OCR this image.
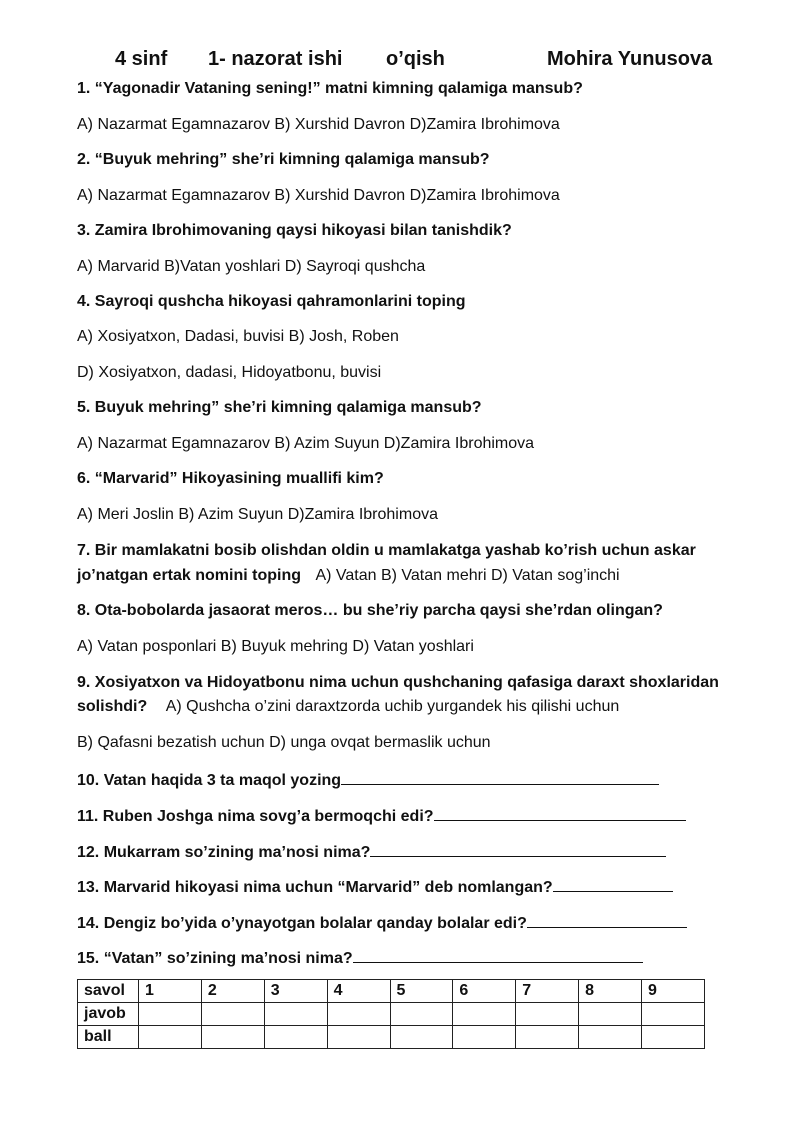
4 sinf 1- nazorat ishi o’qish	Mohira Yunusova
1. “Yagonadir Vataning sening!” matni kimning qalamiga mansub?
A) Nazarmat Egamnazarov B) Xurshid Davron D)Zamira Ibrohimova
2. “Buyuk mehring” she’ri kimning qalamiga mansub?
A) Nazarmat Egamnazarov B) Xurshid Davron D)Zamira Ibrohimova
3. Zamira Ibrohimovaning qaysi hikoyasi bilan tanishdik?
A) Marvarid B)Vatan yoshlari D) Sayroqi qushcha
4. Sayroqi qushcha hikoyasi qahramonlarini toping
A) Xosiyatxon, Dadasi, buvisi B) Josh, Roben
D) Xosiyatxon, dadasi, Hidoyatbonu, buvisi
5. Buyuk mehring” she’ri kimning qalamiga mansub?
A) Nazarmat Egamnazarov B) Azim Suyun D)Zamira Ibrohimova
6. “Marvarid” Hikoyasining muallifi kim?
A) Meri Joslin B) Azim Suyun D)Zamira Ibrohimova
7. Bir mamlakatni bosib olishdan oldin u mamlakatga yashab ko’rish uchun askar
jo’natgan ertak nomini toping A) Vatan B) Vatan mehri D) Vatan sog’inchi
8. Ota-bobolarda jasaorat meros… bu she’riy parcha qaysi she’rdan olingan?
A) Vatan posponlari B) Buyuk mehring D) Vatan yoshlari
9. Xosiyatxon va Hidoyatbonu nima uchun qushchaning qafasiga daraxt shoxlaridan
solishdi? A) Qushcha o’zini daraxtzorda uchib yurgandek his qilishi uchun
B) Qafasni bezatish uchun D) unga ovqat bermaslik uchun
10. Vatan haqida 3 ta maqol yozing
11. Ruben Joshga nima sovg’a bermoqchi edi?
12. Mukarram so’zining ma’nosi nima?
13. Marvarid hikoyasi nima uchun “Marvarid” deb nomlangan?
14. Dengiz bo’yida o’ynayotgan bolalar qanday bolalar edi?
15. “Vatan” so’zining ma’nosi nima?
savol	1	2	3	4	5	6	7	8	9
javob									
ball									
